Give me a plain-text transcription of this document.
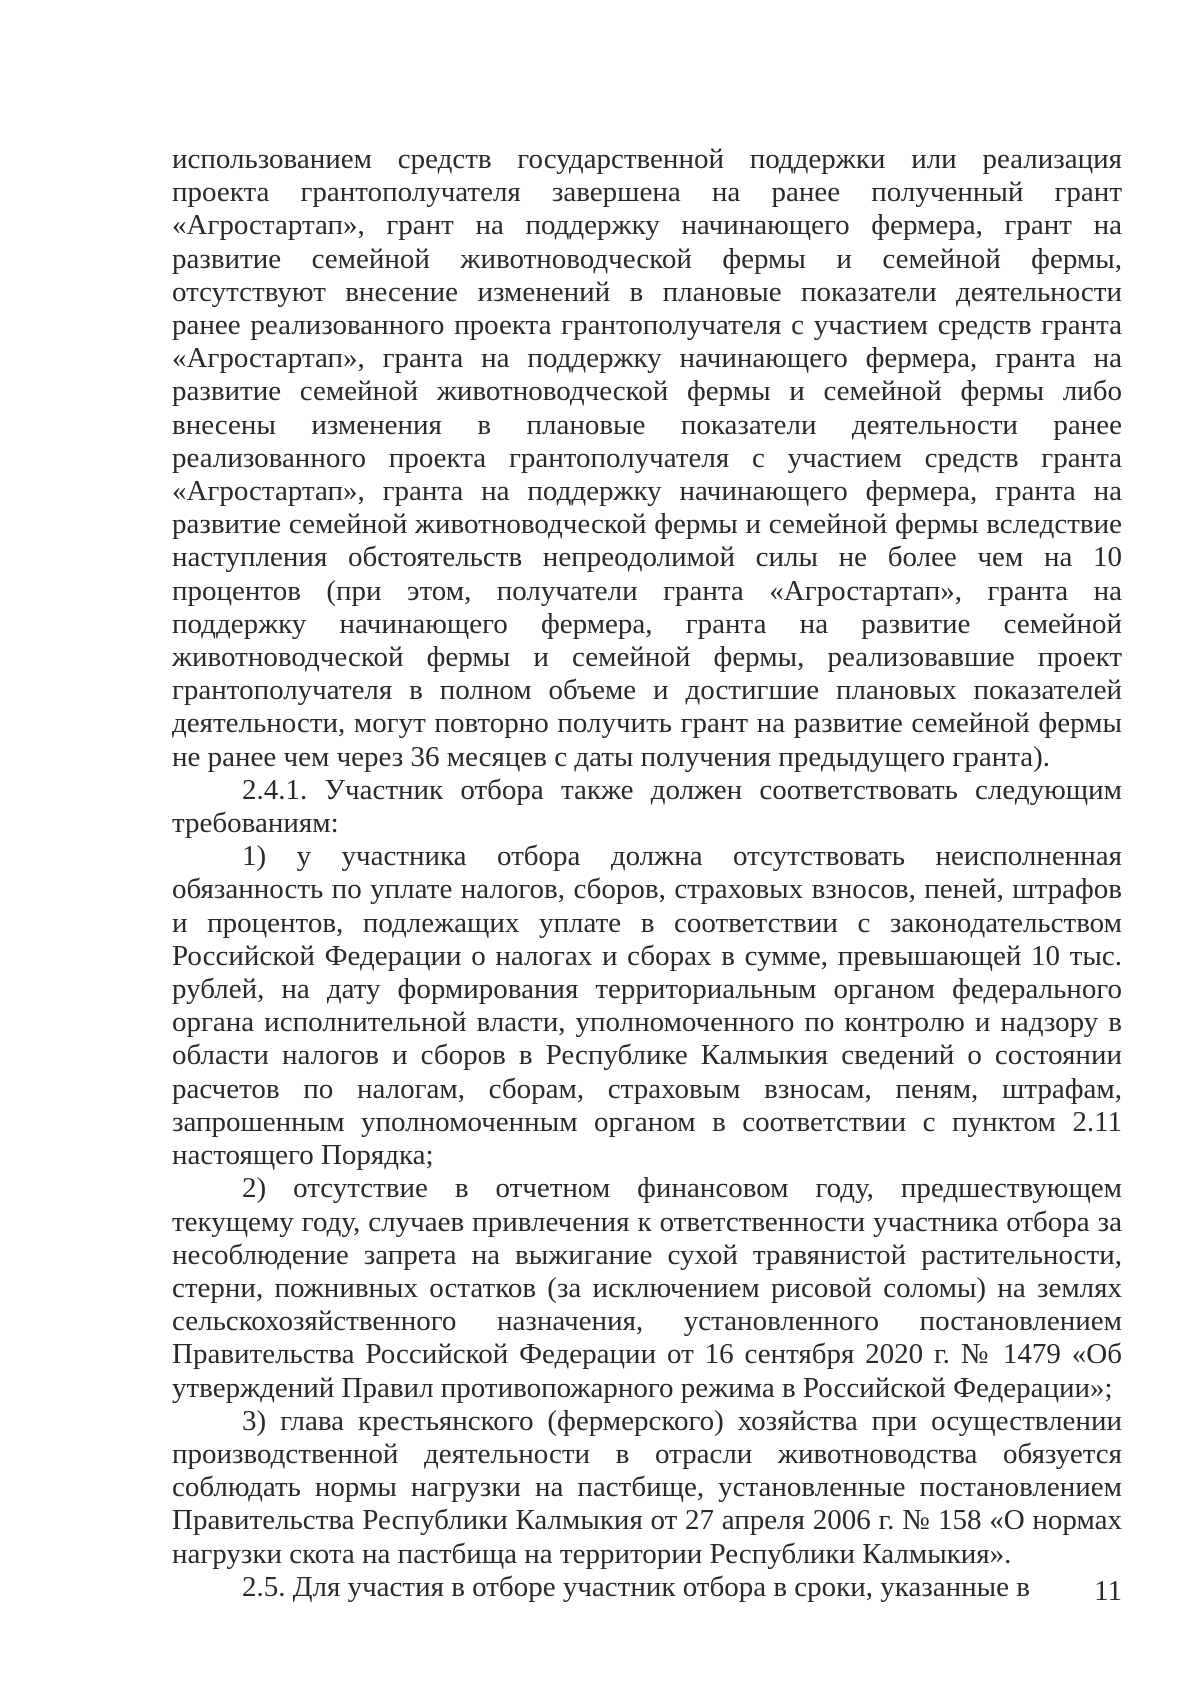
использованием средств государственной поддержки или реализация проекта грантополучателя завершена на ранее полученный грант «Агростартап», грант на поддержку начинающего фермера, грант на развитие семейной животноводческой фермы и семейной фермы, отсутствуют внесение изменений в плановые показатели деятельности ранее реализованного проекта грантополучателя с участием средств гранта «Агростартап», гранта на поддержку начинающего фермера, гранта на развитие семейной животноводческой фермы и семейной фермы либо внесены изменения в плановые показатели деятельности ранее реализованного проекта грантополучателя с участием средств гранта «Агростартап», гранта на поддержку начинающего фермера, гранта на развитие семейной животноводческой фермы и семейной фермы вследствие наступления обстоятельств непреодолимой силы не более чем на 10 процентов (при этом, получатели гранта «Агростартап», гранта на поддержку начинающего фермера, гранта на развитие семейной животноводческой фермы и семейной фермы, реализовавшие проект грантополучателя в полном объеме и достигшие плановых показателей деятельности, могут повторно получить грант на развитие семейной фермы не ранее чем через 36 месяцев с даты получения предыдущего гранта).

2.4.1. Участник отбора также должен соответствовать следующим требованиям:

1) у участника отбора должна отсутствовать неисполненная обязанность по уплате налогов, сборов, страховых взносов, пеней, штрафов и процентов, подлежащих уплате в соответствии с законодательством Российской Федерации о налогах и сборах в сумме, превышающей 10 тыс. рублей, на дату формирования территориальным органом федерального органа исполнительной власти, уполномоченного по контролю и надзору в области налогов и сборов в Республике Калмыкия сведений о состоянии расчетов по налогам, сборам, страховым взносам, пеням, штрафам, запрошенным уполномоченным органом в соответствии с пунктом 2.11 настоящего Порядка;

2) отсутствие в отчетном финансовом году, предшествующем текущему году, случаев привлечения к ответственности участника отбора за несоблюдение запрета на выжигание сухой травянистой растительности, стерни, пожнивных остатков (за исключением рисовой соломы) на землях сельскохозяйственного назначения, установленного постановлением Правительства Российской Федерации от 16 сентября 2020 г. № 1479 «Об утверждений Правил противопожарного режима в Российской Федерации»;

3) глава крестьянского (фермерского) хозяйства при осуществлении производственной деятельности в отрасли животноводства обязуется соблюдать нормы нагрузки на пастбище, установленные постановлением Правительства Республики Калмыкия от 27 апреля 2006 г. № 158 «О нормах нагрузки скота на пастбища на территории Республики Калмыкия».

2.5. Для участия в отборе участник отбора в сроки, указанные в	11
